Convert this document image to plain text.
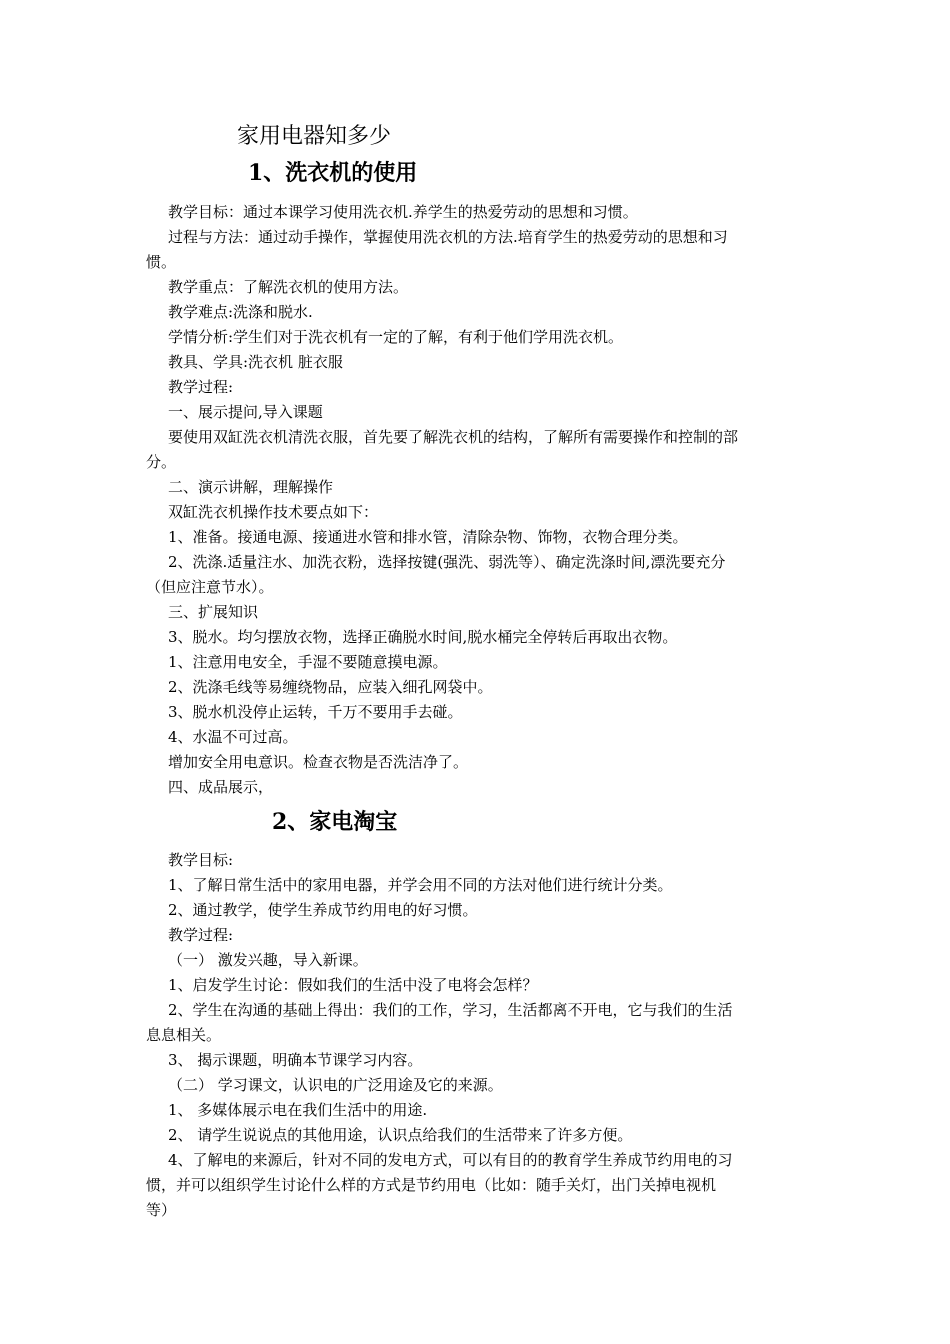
家用电器知多少
1、洗衣机的使用
教学目标：通过本课学习使用洗衣机.养学生的热爱劳动的思想和习惯。
过程与方法：通过动手操作，掌握使用洗衣机的方法.培育学生的热爱劳动的思想和习
惯。
教学重点：了解洗衣机的使用方法。
教学难点:洗涤和脱水.
学情分析:学生们对于洗衣机有一定的了解，有利于他们学用洗衣机。
教具、学具:洗衣机 脏衣服
教学过程:
一、展示提问,导入课题
要使用双缸洗衣机清洗衣服，首先要了解洗衣机的结构，了解所有需要操作和控制的部
分。
二、演示讲解，理解操作
双缸洗衣机操作技术要点如下：
1、准备。接通电源、接通进水管和排水管，清除杂物、饰物，衣物合理分类。
2、洗涤.适量注水、加洗衣粉，选择按键(强洗、弱洗等）、确定洗涤时间,漂洗要充分
（但应注意节水）。
三、扩展知识
3、脱水。均匀摆放衣物，选择正确脱水时间,脱水桶完全停转后再取出衣物。
1、注意用电安全，手湿不要随意摸电源。
2、洗涤毛线等易缠绕物品，应装入细孔网袋中。
3、脱水机没停止运转，千万不要用手去碰。
4、水温不可过高。
增加安全用电意识。检查衣物是否洗洁净了。
四、成品展示，
2、家电淘宝
教学目标:
1、了解日常生活中的家用电器，并学会用不同的方法对他们进行统计分类。
2、通过教学，使学生养成节约用电的好习惯。
教学过程:
（一） 激发兴趣，导入新课。
1、启发学生讨论：假如我们的生活中没了电将会怎样？
2、学生在沟通的基础上得出：我们的工作，学习，生活都离不开电，它与我们的生活
息息相关。
3、 揭示课题，明确本节课学习内容。
（二） 学习课文，认识电的广泛用途及它的来源。
1、 多媒体展示电在我们生活中的用途.
2、 请学生说说点的其他用途，认识点给我们的生活带来了许多方便。
4、了解电的来源后，针对不同的发电方式，可以有目的的教育学生养成节约用电的习
惯，并可以组织学生讨论什么样的方式是节约用电（比如：随手关灯，出门关掉电视机
等）
